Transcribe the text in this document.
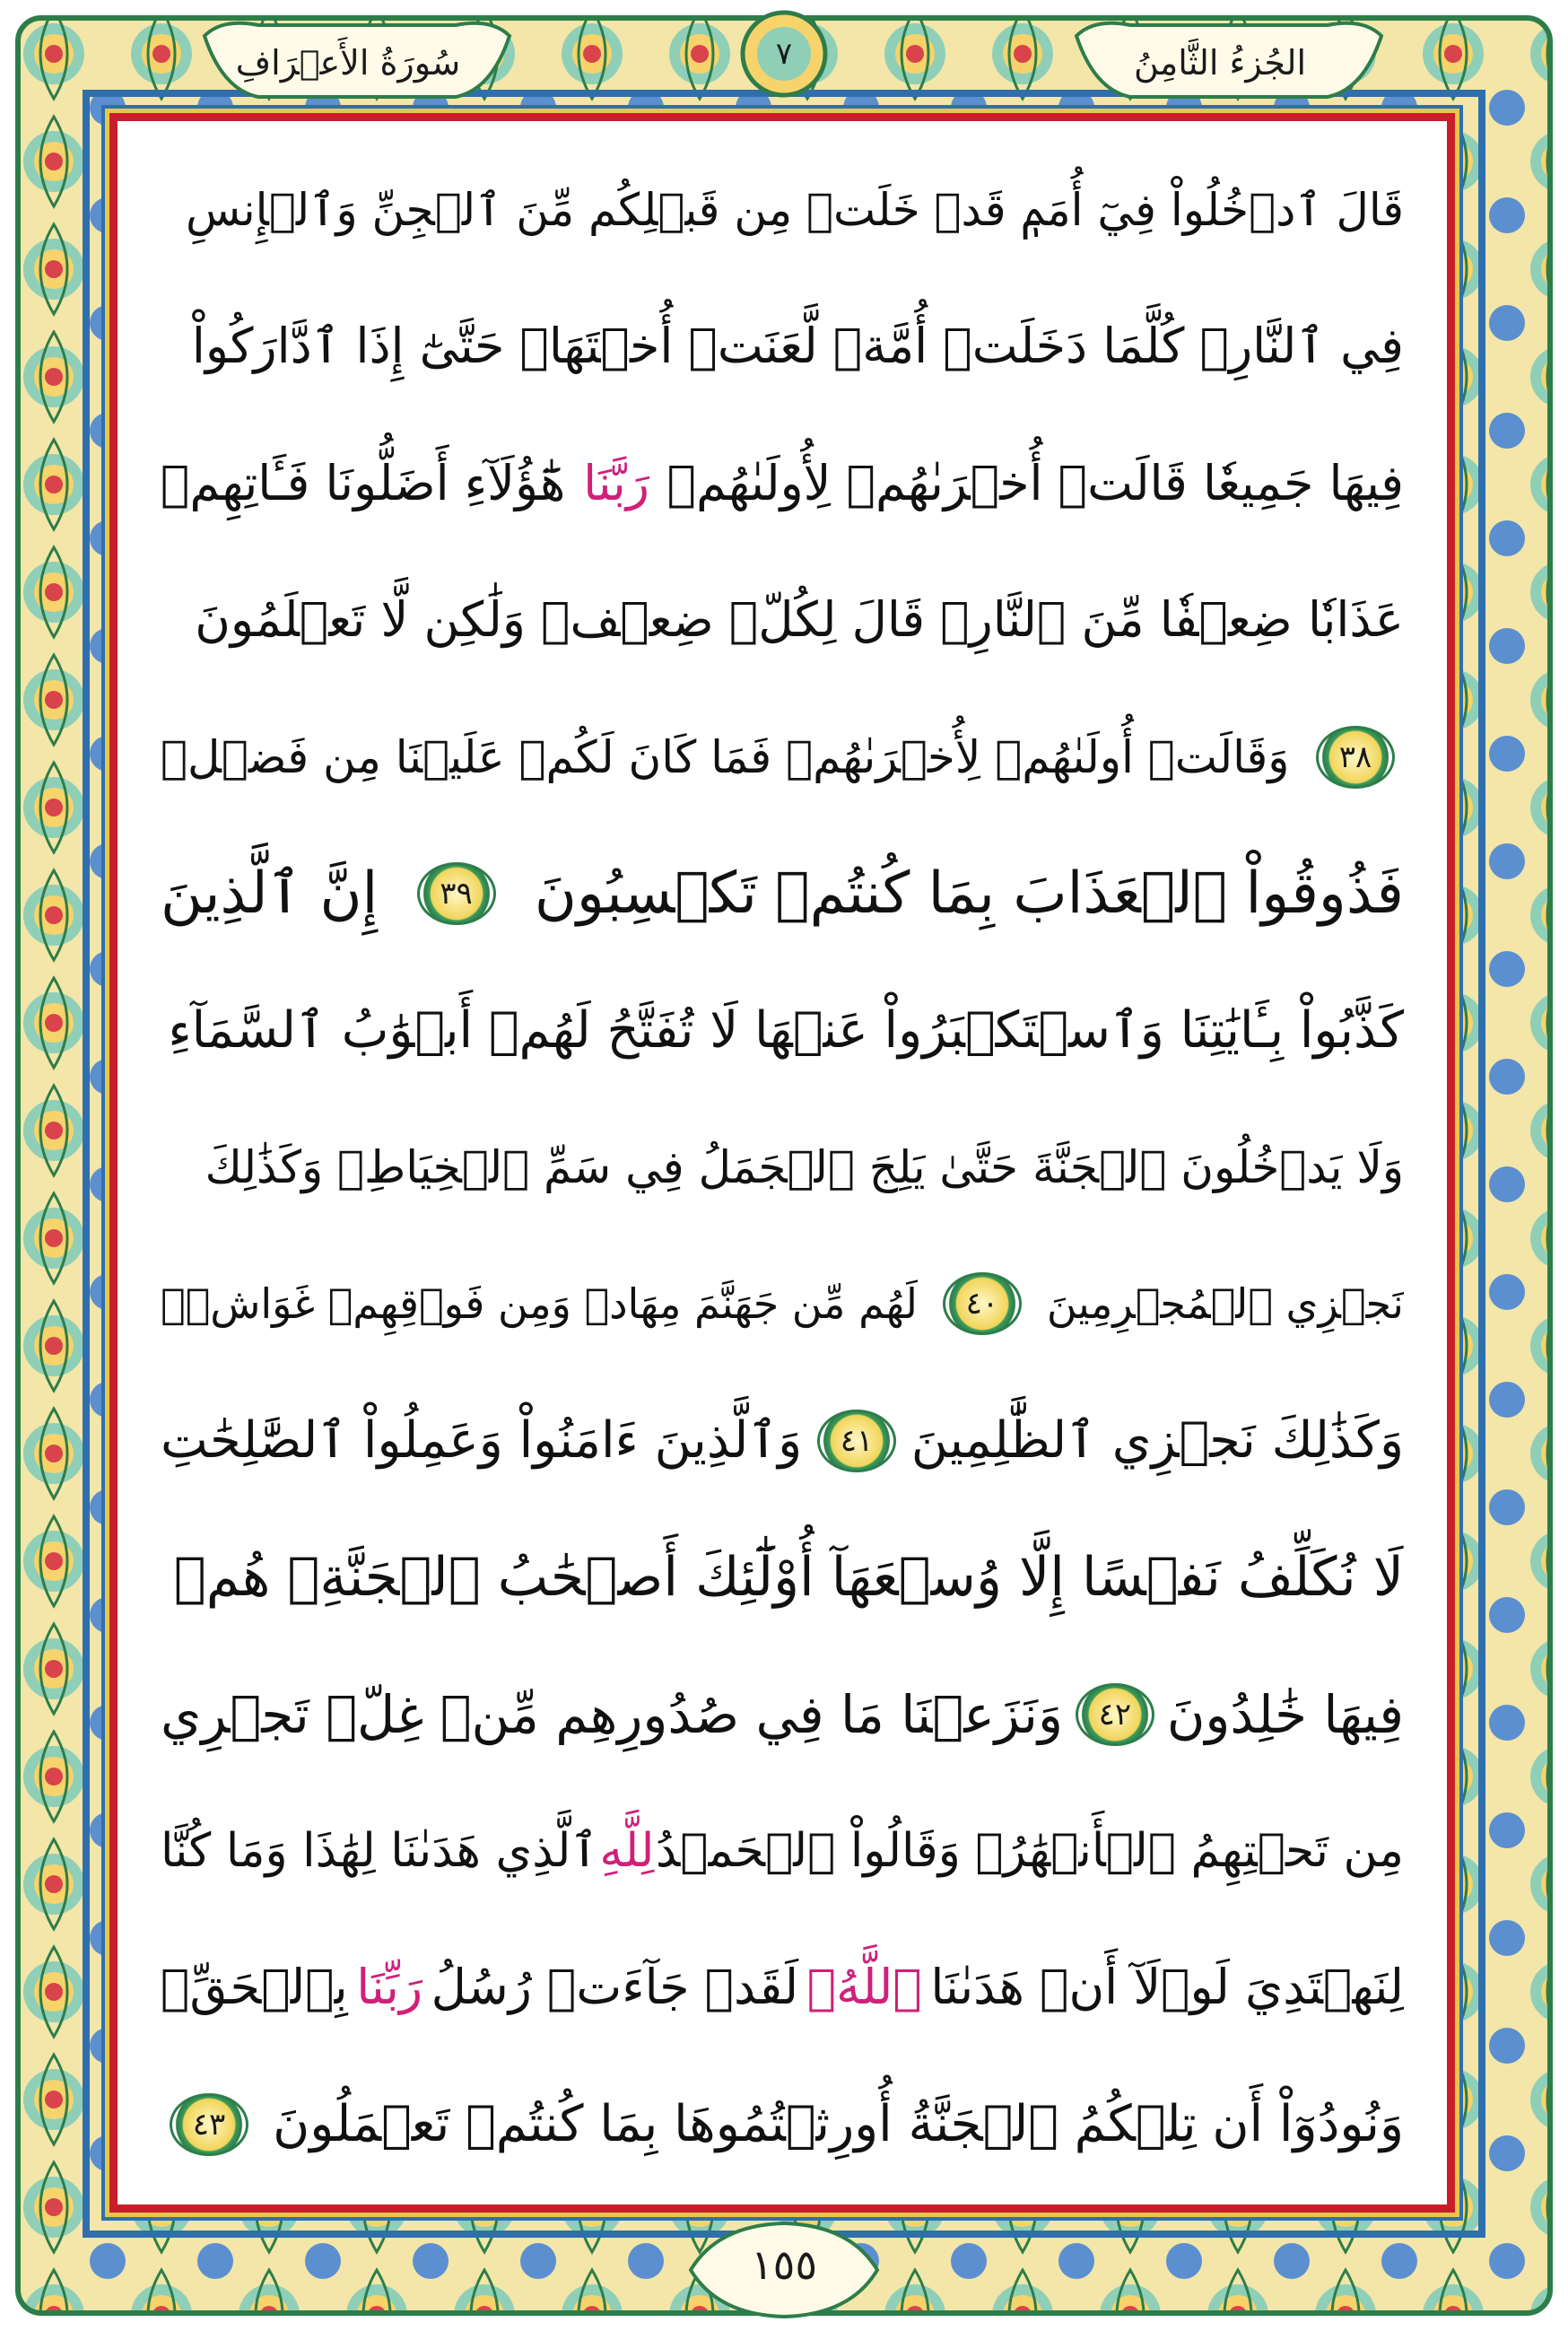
الجُزءُ الثَّامِنُ
سُورَةُ الأَعۡرَافِ	٧
قَالَ ٱدۡخُلُواْ فِيٓ أُمَمٖ قَدۡ خَلَتۡ مِن قَبۡلِكُم مِّنَ ٱلۡجِنِّ وَٱلۡإِنسِ
فِي ٱلنَّارِۖ كُلَّمَا دَخَلَتۡ أُمَّةٞ لَّعَنَتۡ أُخۡتَهَاۖ حَتَّىٰٓ إِذَا ٱدَّارَكُواْ
فِيهَا جَمِيعٗا قَالَتۡ أُخۡرَىٰهُمۡ لِأُولَىٰهُمۡ
رَبَّنَا
هَٰٓؤُلَآءِ أَضَلُّونَا فَـَٔاتِهِمۡ
عَذَابٗا ضِعۡفٗا مِّنَ ٱلنَّارِۖ قَالَ لِكُلّٖ ضِعۡفٞ وَلَٰكِن لَّا تَعۡلَمُونَ
٣٨
وَقَالَتۡ أُولَىٰهُمۡ لِأُخۡرَىٰهُمۡ فَمَا كَانَ لَكُمۡ عَلَيۡنَا مِن فَضۡلٖ
فَذُوقُواْ ٱلۡعَذَابَ بِمَا كُنتُمۡ تَكۡسِبُونَ
٣٩
إِنَّ ٱلَّذِينَ
كَذَّبُواْ بِـَٔايَٰتِنَا وَٱسۡتَكۡبَرُواْ عَنۡهَا لَا تُفَتَّحُ لَهُمۡ أَبۡوَٰبُ ٱلسَّمَآءِ
وَلَا يَدۡخُلُونَ ٱلۡجَنَّةَ حَتَّىٰ يَلِجَ ٱلۡجَمَلُ فِي سَمِّ ٱلۡخِيَاطِۚ وَكَذَٰلِكَ
نَجۡزِي ٱلۡمُجۡرِمِينَ
٤٠
لَهُم مِّن جَهَنَّمَ مِهَادٞ وَمِن فَوۡقِهِمۡ غَوَاشٖۚ
وَكَذَٰلِكَ نَجۡزِي ٱلظَّٰلِمِينَ
٤١
وَٱلَّذِينَ ءَامَنُواْ وَعَمِلُواْ ٱلصَّٰلِحَٰتِ
لَا نُكَلِّفُ نَفۡسًا إِلَّا وُسۡعَهَآ أُوْلَٰٓئِكَ أَصۡحَٰبُ ٱلۡجَنَّةِۖ هُمۡ
فِيهَا خَٰلِدُونَ
٤٢
وَنَزَعۡنَا مَا فِي صُدُورِهِم مِّنۡ غِلّٖ تَجۡرِي
مِن تَحۡتِهِمُ ٱلۡأَنۡهَٰرُۖ وَقَالُواْ ٱلۡحَمۡدُ
لِلَّهِ
ٱلَّذِي هَدَىٰنَا لِهَٰذَا وَمَا كُنَّا
لِنَهۡتَدِيَ لَوۡلَآ أَنۡ هَدَىٰنَا
ٱللَّهُۖ
لَقَدۡ جَآءَتۡ رُسُلُ
رَبِّنَا
بِٱلۡحَقِّۖ
وَنُودُوٓاْ أَن تِلۡكُمُ ٱلۡجَنَّةُ أُورِثۡتُمُوهَا بِمَا كُنتُمۡ تَعۡمَلُونَ
٤٣
١٥٥
